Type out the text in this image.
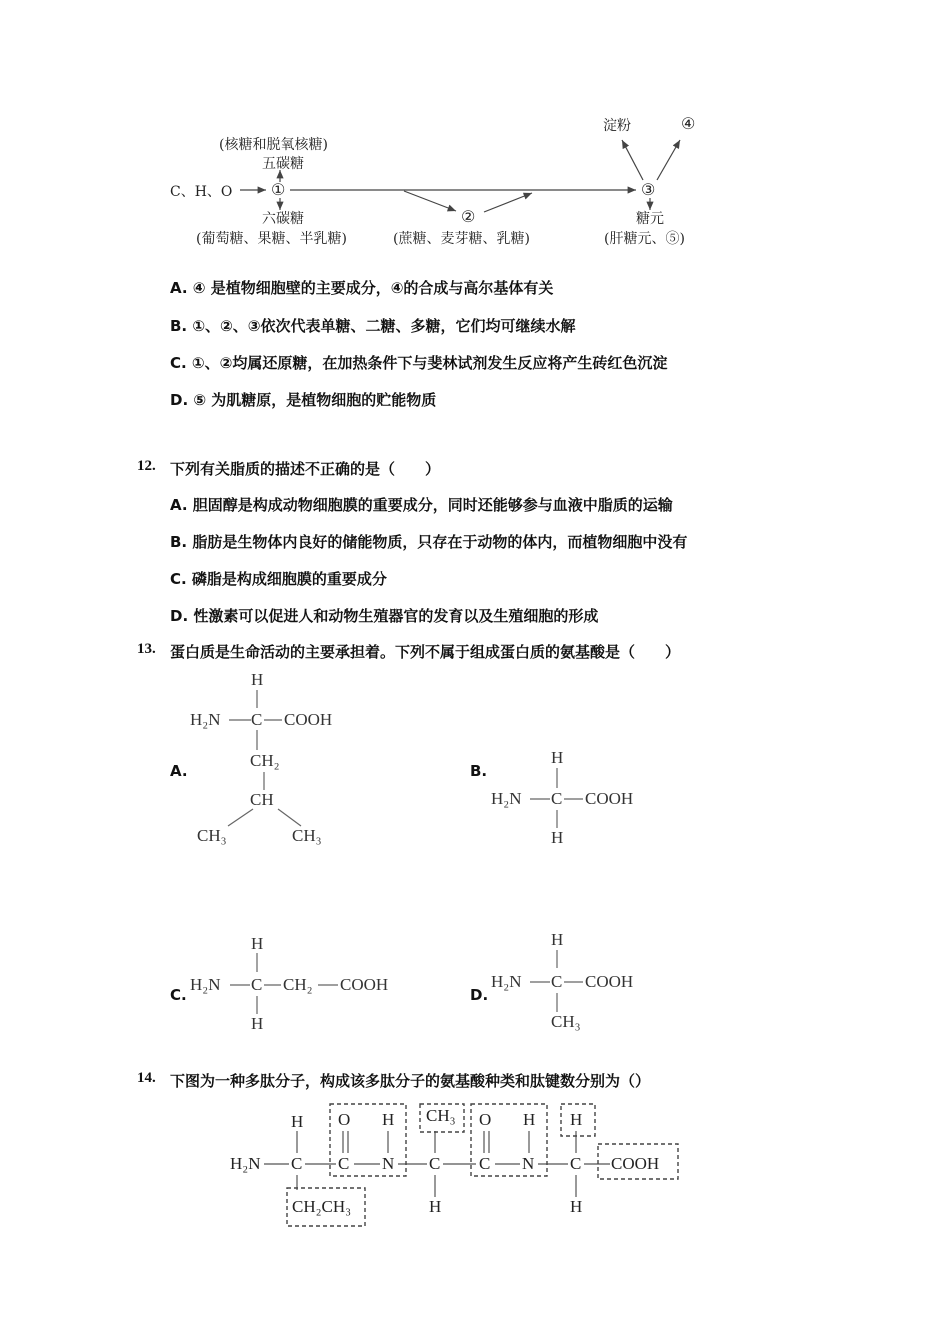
(核糖和脱氧核糖)
五碳糖
C、H、O ①
六碳糖
(葡萄糖、果糖、半乳糖)
②
(蔗糖、麦芽糖、乳糖)
③
淀粉	④
糖元
(肝糖元、⑤)
A. ④ 是植物细胞壁的主要成分，④的合成与高尔基体有关
B. ①、②、③依次代表单糖、二糖、多糖，它们均可继续水解
C. ①、②均属还原糖，在加热条件下与斐林试剂发生反应将产生砖红色沉淀
D. ⑤ 为肌糖原，是植物细胞的贮能物质
12. 下列有关脂质的描述不正确的是（　　）
A. 胆固醇是构成动物细胞膜的重要成分，同时还能够参与血液中脂质的运输
B. 脂肪是生物体内良好的储能物质，只存在于动物的体内，而植物细胞中没有
C. 磷脂是构成细胞膜的重要成分
D. 性激素可以促进人和动物生殖器官的发育以及生殖细胞的形成
13. 蛋白质是生命活动的主要承担着。下列不属于组成蛋白质的氨基酸是（　　）
A.	B.
C.	D.
H
H₂N C COOH
CH₂
CH
CH₃	CH₃
H
H₂N C COOH
H
H
H₂N C CH₂ COOH
H
H
H₂N C COOH
CH₃
14. 下图为一种多肽分子，构成该多肽分子的氨基酸种类和肽键数分别为（）
H₂N
H
C
O
C
H
N
CH₃
C
H
O
C
H
N
H
C
H
COOH
CH₂CH₃
